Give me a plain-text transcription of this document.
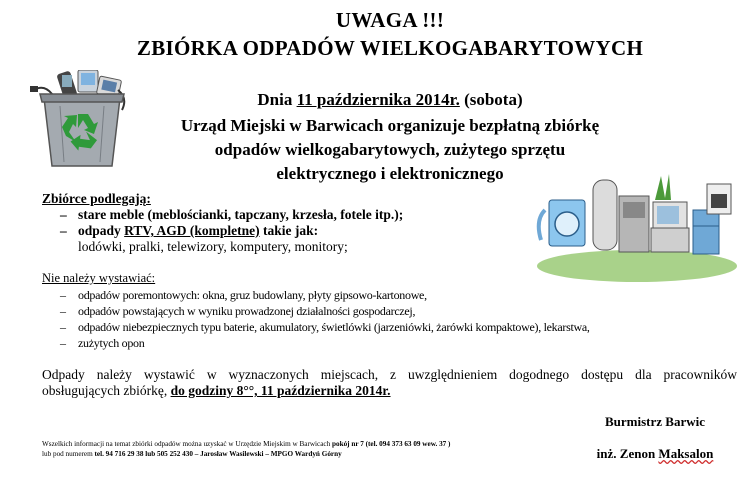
UWAGA !!!
ZBIÓRKA ODPADÓW WIELKOGABARYTOWYCH
Dnia 11 października 2014r. (sobota)
Urząd Miejski w Barwicach organizuje bezpłatną zbiórkę
odpadów wielkogabarytowych, zużytego sprzętu
elektrycznego i elektronicznego
Zbiórce podlegają:
– stare meble (meblościanki, tapczany, krzesła, fotele itp.);
– odpady RTV, AGD (kompletne) takie jak:
lodówki, pralki, telewizory, komputery, monitory;
Nie należy wystawiać:
– odpadów poremontowych: okna, gruz budowlany, płyty gipsowo-kartonowe,
– odpadów powstających w wyniku prowadzonej działalności gospodarczej,
– odpadów niebezpiecznych typu baterie, akumulatory, świetlówki (jarzeniówki, żarówki kompaktowe), lekarstwa,
– zużytych opon
Odpady należy wystawić w wyznaczonych miejscach, z uwzględnieniem dogodnego dostępu dla pracowników
obsługujących zbiórkę, do godziny 8°°, 11 października 2014r.
Burmistrz Barwic
inż. Zenon Maksalon
Wszelkich informacji na temat zbiórki odpadów można uzyskać w Urzędzie Miejskim w Barwicach pokój nr 7 (tel. 094 373 63 09 wew. 37 )
lub pod numerem tel. 94 716 29 38 lub 505 252 430 – Jarosław Wasilewski – MPGO Wardyń Górny
